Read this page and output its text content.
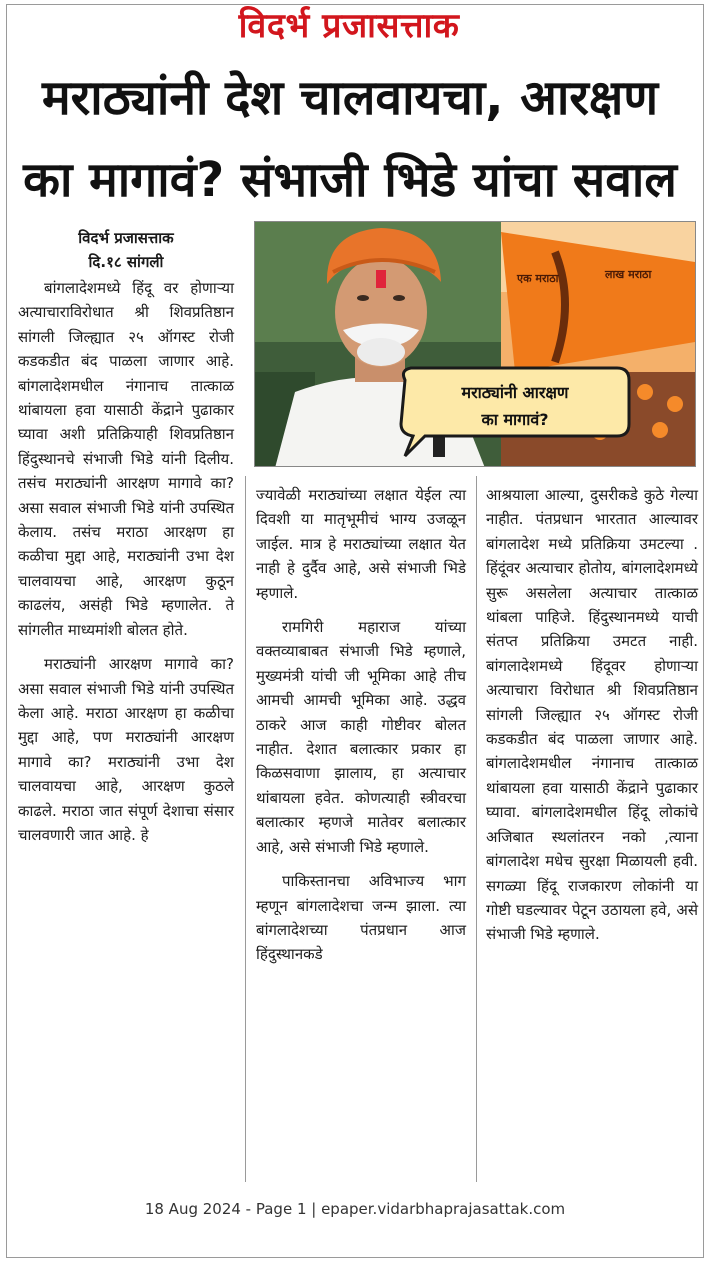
विदर्भ प्रजासत्ताक
मराठ्यांनी देश चालवायचा, आरक्षण
का मागावं? संभाजी भिडे यांचा सवाल
विदर्भ प्रजासत्ताक
दि.१८ सांगली
एक मराठा	लाख मराठा
मराठ्यांनी आरक्षण
का मागावं?

बांगलादेशमध्ये हिंदू वर होणाऱ्या अत्याचाराविरोधात श्री शिवप्रतिष्ठान सांगली जिल्ह्यात २५ ऑगस्ट रोजी कडकडीत बंद पाळला जाणार आहे. बांगलादेशमधील नंगानाच तात्काळ थांबायला हवा यासाठी केंद्राने पुढाकार घ्यावा अशी प्रतिक्रियाही शिवप्रतिष्ठान हिंदुस्थानचे संभाजी भिडे यांनी दिलीय. तसंच मराठ्यांनी आरक्षण मागावे का? असा सवाल संभाजी भिडे यांनी उपस्थित केलाय. तसंच मराठा आरक्षण हा कळीचा मुद्दा आहे, मराठ्यांनी उभा देश चालवायचा आहे, आरक्षण कुठून काढलंय, असंही भिडे म्हणालेत. ते सांगलीत माध्यमांशी बोलत होते.

मराठ्यांनी आरक्षण मागावे का? असा सवाल संभाजी भिडे यांनी उपस्थित केला आहे. मराठा आरक्षण हा कळीचा मुद्दा आहे, पण मराठ्यांनी आरक्षण मागावे का? मराठ्यांनी उभा देश चालवायचा आहे, आरक्षण कुठले काढले. मराठा जात संपूर्ण देशाचा संसार चालवणारी जात आहे. हे

ज्यावेळी मराठ्यांच्या लक्षात येईल त्या दिवशी या मातृभूमीचं भाग्य उजळून जाईल. मात्र हे मराठ्यांच्या लक्षात येत नाही हे दुर्दैव आहे, असे संभाजी भिडे म्हणाले.

रामगिरी महाराज यांच्या वक्तव्याबाबत संभाजी भिडे म्हणाले, मुख्यमंत्री यांची जी भूमिका आहे तीच आमची आमची भूमिका आहे. उद्धव ठाकरे आज काही गोष्टीवर बोलत नाहीत. देशात बलात्कार प्रकार हा किळसवाणा झालाय, हा अत्याचार थांबायला हवेत. कोणत्याही स्त्रीवरचा बलात्कार म्हणजे मातेवर बलात्कार आहे, असे संभाजी भिडे म्हणाले.

पाकिस्तानचा अविभाज्य भाग म्हणून बांगलादेशचा जन्म झाला. त्या बांगलादेशच्या पंतप्रधान आज हिंदुस्थानकडे

आश्रयाला आल्या, दुसरीकडे कुठे गेल्या नाहीत. पंतप्रधान भारतात आल्यावर बांगलादेश मध्ये प्रतिक्रिया उमटल्या . हिंदूंवर अत्याचार होतोय, बांगलादेशमध्ये सुरू असलेला अत्याचार तात्काळ थांबला पाहिजे. हिंदुस्थानमध्ये याची संतप्त प्रतिक्रिया उमटत नाही. बांगलादेशमध्ये हिंदूवर होणाऱ्या अत्याचारा विरोधात श्री शिवप्रतिष्ठान सांगली जिल्ह्यात २५ ऑगस्ट रोजी कडकडीत बंद पाळला जाणार आहे. बांगलादेशमधील नंगानाच तात्काळ थांबायला हवा यासाठी केंद्राने पुढाकार घ्यावा. बांगलादेशमधील हिंदू लोकांचे अजिबात स्थलांतरन नको ,त्याना बांगलादेश मधेच सुरक्षा मिळायली हवी. सगळ्या हिंदू राजकारण लोकांनी या गोष्टी घडल्यावर पेटून उठायला हवे, असे संभाजी भिडे म्हणाले.

18 Aug 2024 - Page 1 | epaper.vidarbhaprajasattak.com
